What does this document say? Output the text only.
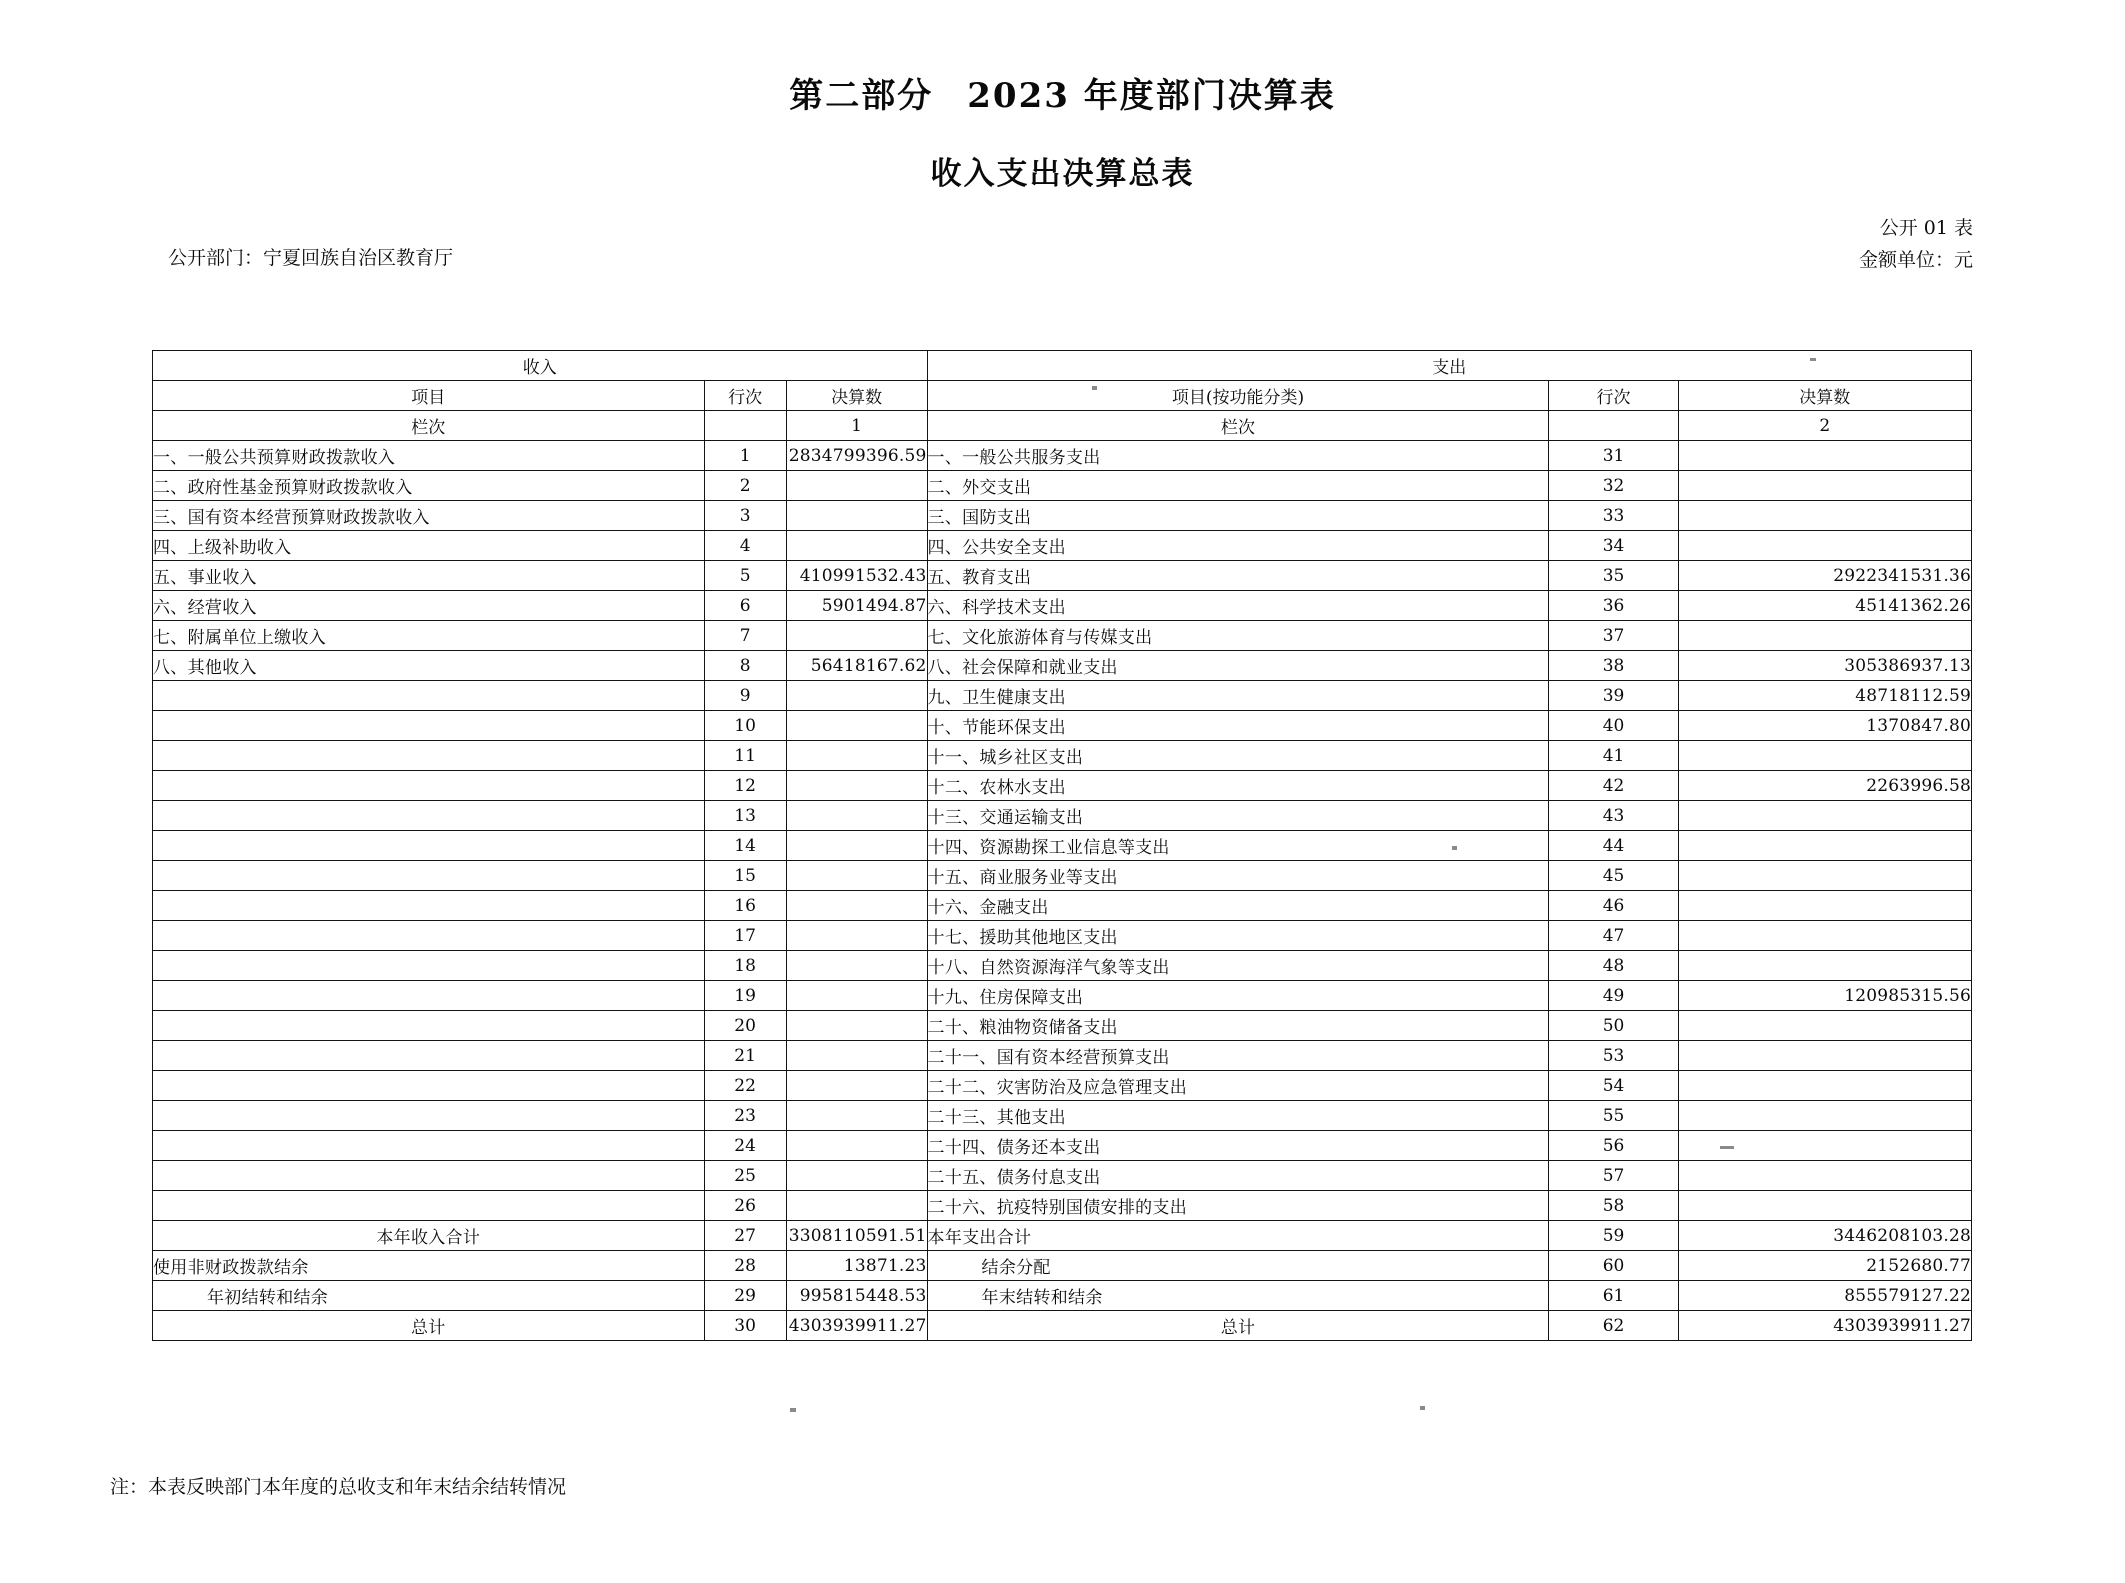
第二部分 2023 年度部门决算表
收入支出决算总表
公开部门：宁夏回族自治区教育厅
公开 01 表
金额单位：元
收入			支出		
项目	行次	决算数	项目(按功能分类)	行次	决算数
栏次		1	栏次		2
一、一般公共预算财政拨款收入	1	2834799396.59	一、一般公共服务支出	31	
二、政府性基金预算财政拨款收入	2		二、外交支出	32	
三、国有资本经营预算财政拨款收入	3		三、国防支出	33	
四、上级补助收入	4		四、公共安全支出	34	
五、事业收入	5	410991532.43	五、教育支出	35	2922341531.36
六、经营收入	6	5901494.87	六、科学技术支出	36	45141362.26
七、附属单位上缴收入	7		七、文化旅游体育与传媒支出	37	
八、其他收入	8	56418167.62	八、社会保障和就业支出	38	305386937.13
	9		九、卫生健康支出	39	48718112.59
	10		十、节能环保支出	40	1370847.80
	11		十一、城乡社区支出	41	
	12		十二、农林水支出	42	2263996.58
	13		十三、交通运输支出	43	
	14		十四、资源勘探工业信息等支出	44	
	15		十五、商业服务业等支出	45	
	16		十六、金融支出	46	
	17		十七、援助其他地区支出	47	
	18		十八、自然资源海洋气象等支出	48	
	19		十九、住房保障支出	49	120985315.56
	20		二十、粮油物资储备支出	50	
	21		二十一、国有资本经营预算支出	53	
	22		二十二、灾害防治及应急管理支出	54	
	23		二十三、其他支出	55	
	24		二十四、债务还本支出	56	
	25		二十五、债务付息支出	57	
	26		二十六、抗疫特别国债安排的支出	58	
本年收入合计	27	3308110591.51	本年支出合计	59	3446208103.28
使用非财政拨款结余	28	13871.23	结余分配	60	2152680.77
年初结转和结余	29	995815448.53	年末结转和结余	61	855579127.22
总计	30	4303939911.27	总计	62	4303939911.27
注：本表反映部门本年度的总收支和年末结余结转情况
